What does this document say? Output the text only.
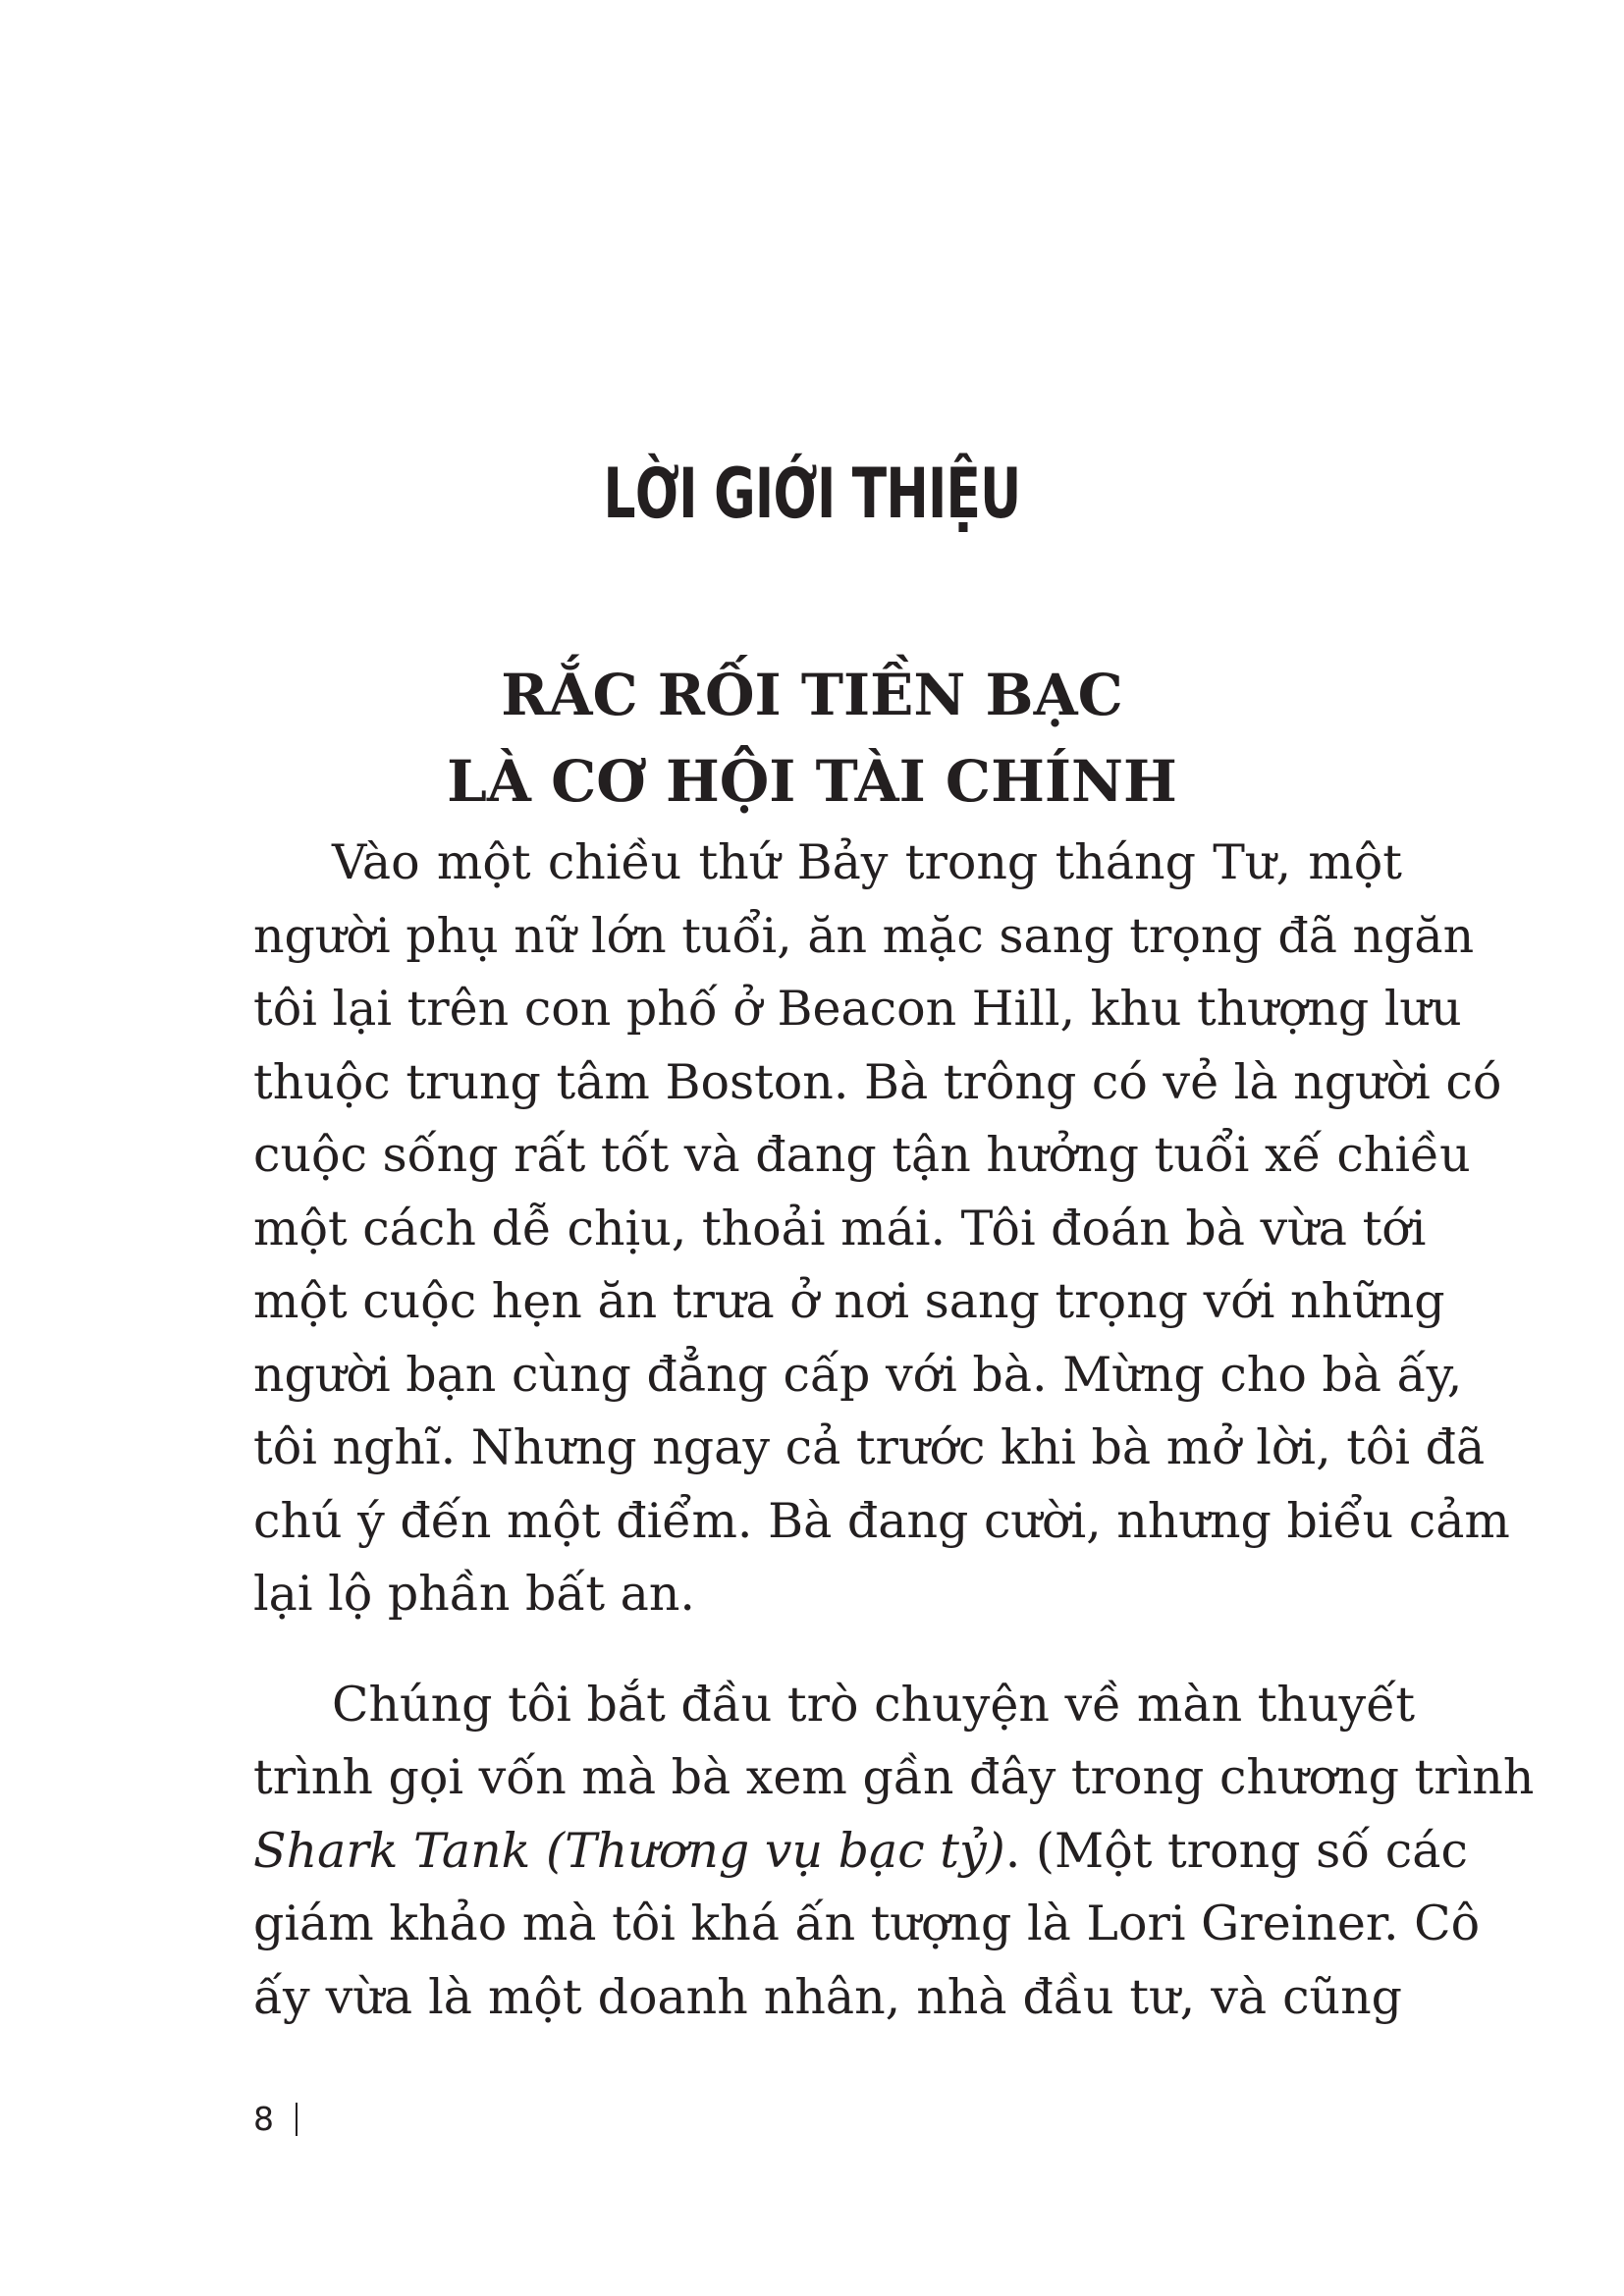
LỜI GIỚI THIỆU
RẮC RỐI TIỀN BẠC
LÀ CƠ HỘI TÀI CHÍNH

Vào một chiều thứ Bảy trong tháng Tư, một
người phụ nữ lớn tuổi, ăn mặc sang trọng đã ngăn
tôi lại trên con phố ở Beacon Hill, khu thượng lưu
thuộc trung tâm Boston. Bà trông có vẻ là người có
cuộc sống rất tốt và đang tận hưởng tuổi xế chiều
một cách dễ chịu, thoải mái. Tôi đoán bà vừa tới
một cuộc hẹn ăn trưa ở nơi sang trọng với những
người bạn cùng đẳng cấp với bà. Mừng cho bà ấy,
tôi nghĩ. Nhưng ngay cả trước khi bà mở lời, tôi đã
chú ý đến một điểm. Bà đang cười, nhưng biểu cảm
lại lộ phần bất an.

Chúng tôi bắt đầu trò chuyện về màn thuyết
trình gọi vốn mà bà xem gần đây trong chương trình
Shark Tank (Thương vụ bạc tỷ). (Một trong số các
giám khảo mà tôi khá ấn tượng là Lori Greiner. Cô
ấy vừa là một doanh nhân, nhà đầu tư, và cũng

8
